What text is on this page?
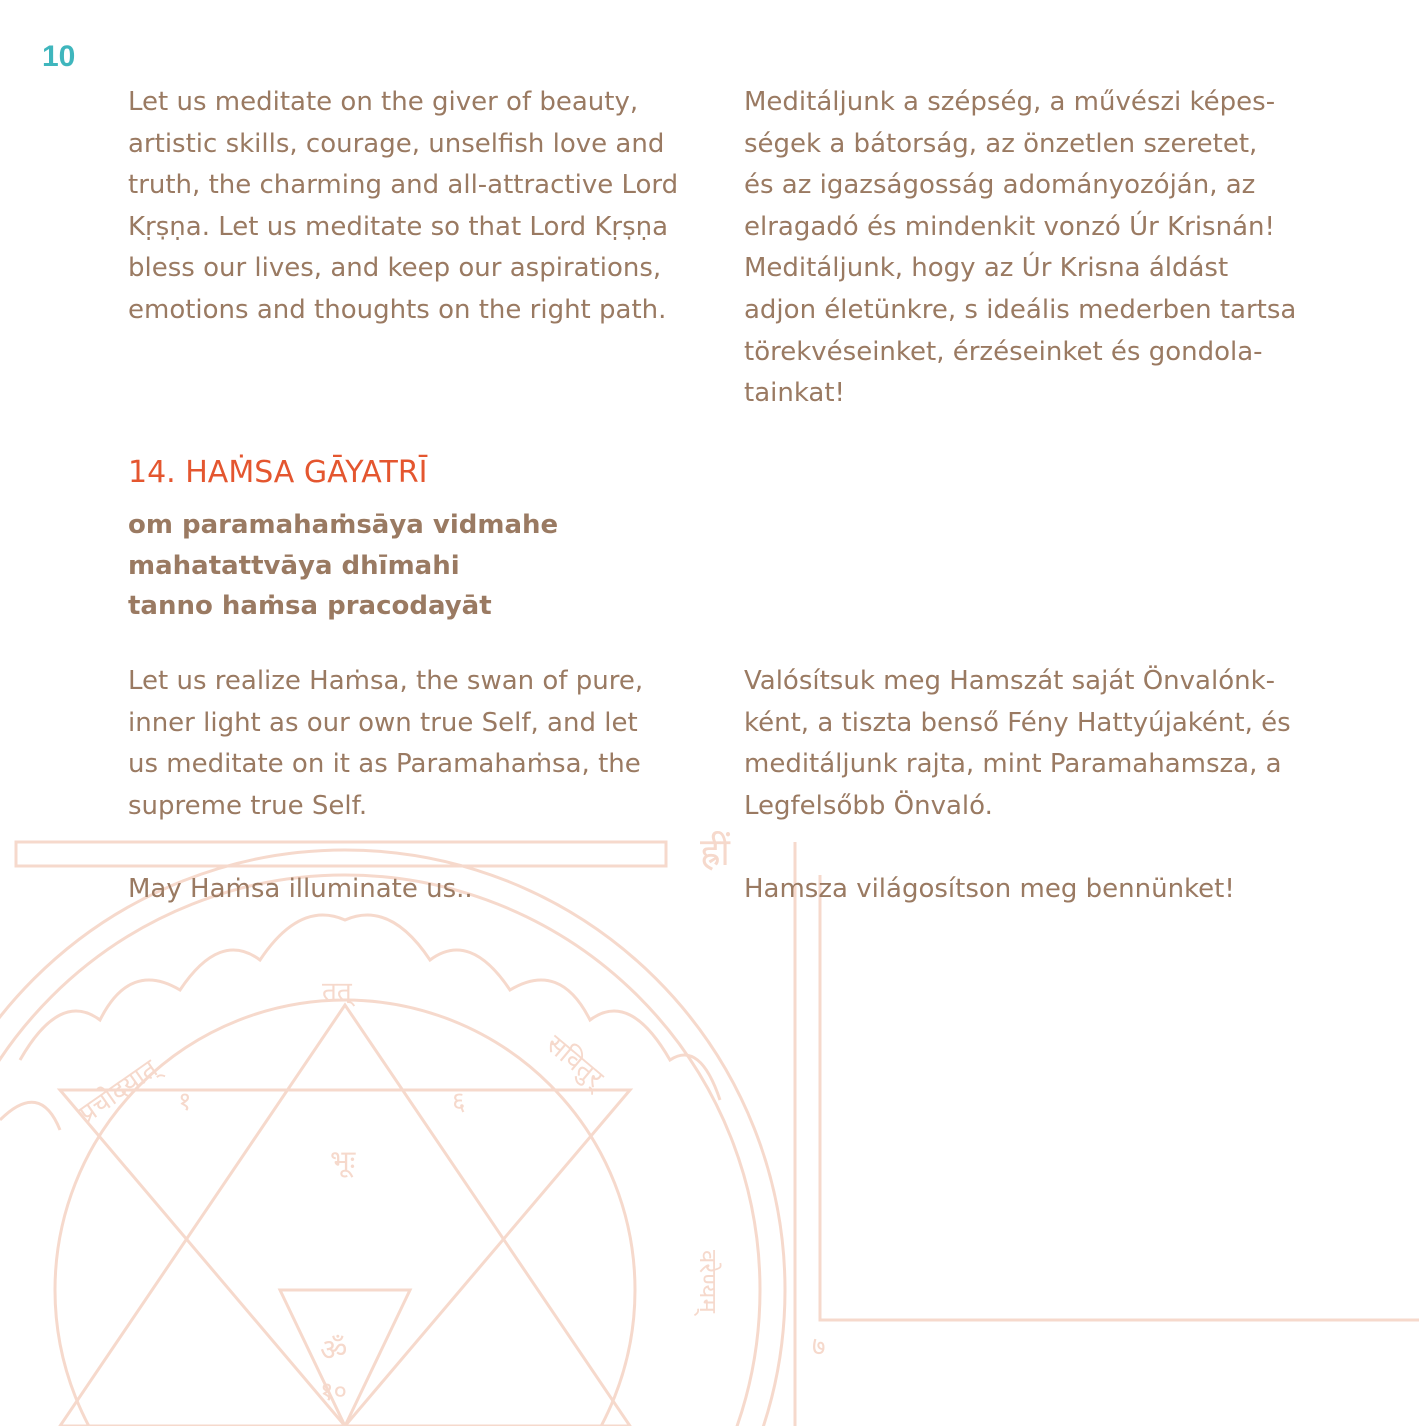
ह्रीं
तत्
सवितुर्
प्रचोदयात्
भूः
ॐ
१	६
१०
७
वरेण्यम्
10

Let us meditate on the giver of beauty,
artistic skills, courage, unselfish love and
truth, the charming and all-attractive Lord
Kṛṣṇa. Let us meditate so that Lord Kṛṣṇa
bless our lives, and keep our aspirations,
emotions and thoughts on the right path.

Meditáljunk a szépség, a művészi képes-
ségek a bátorság, az önzetlen szeretet,
és az igazságosság adományozóján, az
elragadó és mindenkit vonzó Úr Krisnán!
Meditáljunk, hogy az Úr Krisna áldást
adjon életünkre, s ideális mederben tartsa
törekvéseinket, érzéseinket és gondola-
tainkat!

14. HAṀSA GĀYATRĪ

om paramahaṁsāya vidmahe
mahatattvāya dhīmahi
tanno haṁsa pracodayāt

Let us realize Haṁsa, the swan of pure,
inner light as our own true Self, and let
us meditate on it as Paramahaṁsa, the
supreme true Self.

Valósítsuk meg Hamszát saját Önvalónk-
ként, a tiszta benső Fény Hattyújaként, és
meditáljunk rajta, mint Paramahamsza, a
Legfelsőbb Önvaló.

May Haṁsa illuminate us..	Hamsza világosítson meg bennünket!
